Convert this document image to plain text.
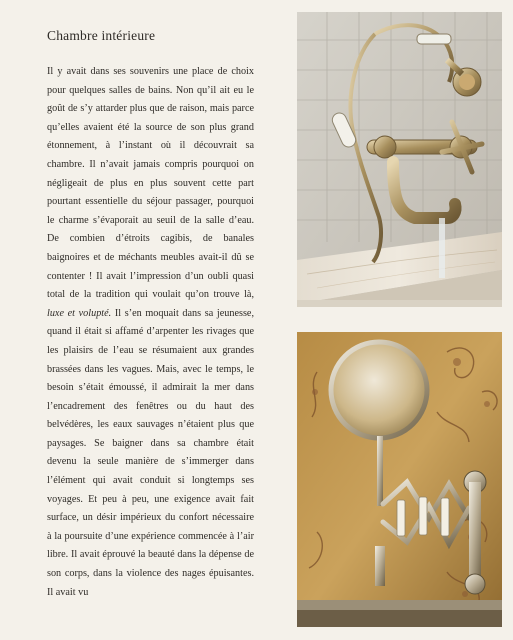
Chambre intérieure

Il y avait dans ses souvenirs une place de choix pour quelques salles de bains. Non qu’il ait eu le goût de s’y attarder plus que de raison, mais parce qu’elles avaient été la source de son plus grand étonnement, à l’instant où il découvrait sa chambre. Il n’avait jamais compris pourquoi on négligeait de plus en plus souvent cette part pourtant essentielle du séjour passager, pourquoi le charme s’évaporait au seuil de la salle d’eau. De combien d’étroits cagibis, de banales baignoires et de méchants meubles avait-il dû se contenter ! Il avait l’impression d’un oubli quasi total de la tradition qui voulait qu’on trouve là, luxe et volupté. Il s’en moquait dans sa jeunesse, quand il était si affamé d’arpenter les rivages que les plaisirs de l’eau se résumaient aux grandes brassées dans les vagues. Mais, avec le temps, le besoin s’était émoussé, il admirait la mer dans l’encadrement des fenêtres ou du haut des belvédères, les eaux sauvages n’étaient plus que paysages. Se baigner dans sa chambre était devenu la seule manière de s’immerger dans l’élément qui avait conduit si longtemps ses voyages. Et peu à peu, une exigence avait fait surface, un désir impérieux du confort nécessaire à la poursuite d’une expérience commencée à l’air libre. Il avait éprouvé la beauté dans la dépense de son corps, dans la violence des nages épuisantes. Il avait vu
